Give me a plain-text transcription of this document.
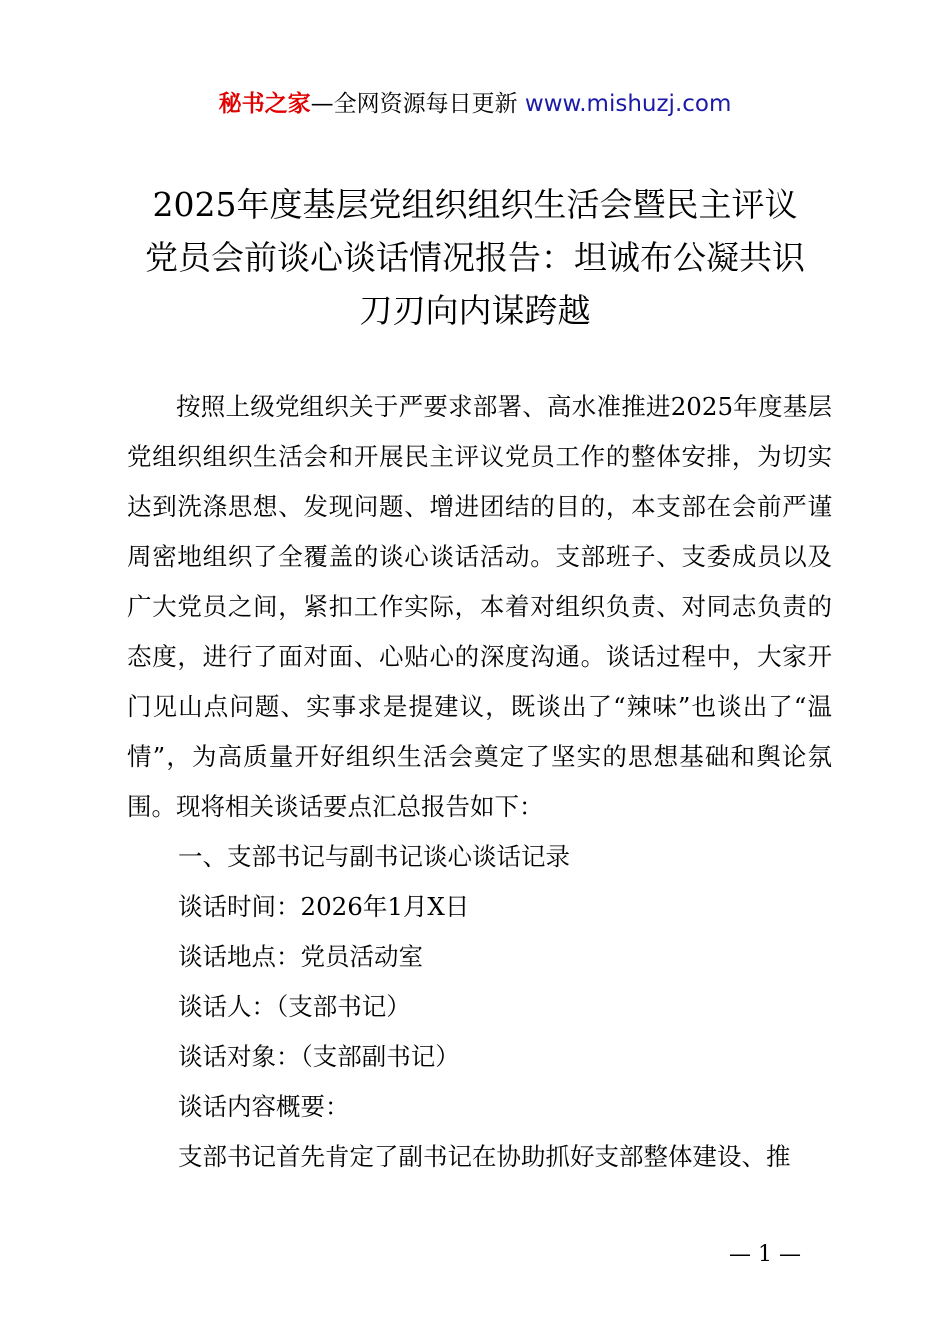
秘书之家—全网资源每日更新 www.mishuzj.com
2025年度基层党组织组织生活会暨民主评议
党员会前谈心谈话情况报告：坦诚布公凝共识
刀刃向内谋跨越

按照上级党组织关于严要求部署、高水准推进2025年度基层党组织组织生活会和开展民主评议党员工作的整体安排，为切实达到洗涤思想、发现问题、增进团结的目的，本支部在会前严谨周密地组织了全覆盖的谈心谈话活动。支部班子、支委成员以及广大党员之间，紧扣工作实际，本着对组织负责、对同志负责的态度，进行了面对面、心贴心的深度沟通。谈话过程中，大家开门见山点问题、实事求是提建议，既谈出了“辣味”也谈出了“温情”，为高质量开好组织生活会奠定了坚实的思想基础和舆论氛围。现将相关谈话要点汇总报告如下：

一、支部书记与副书记谈心谈话记录

谈话时间：2026年1月X日

谈话地点：党员活动室

谈话人：（支部书记）

谈话对象：（支部副书记）

谈话内容概要：

支部书记首先肯定了副书记在协助抓好支部整体建设、推

— 1 —
